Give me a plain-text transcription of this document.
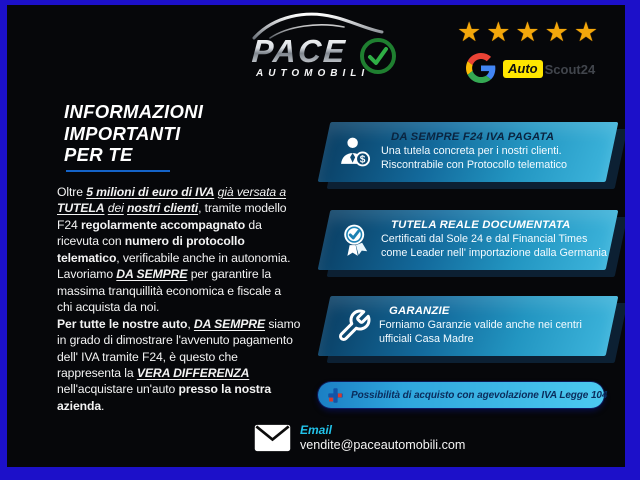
PACE
AUTOMOBILI
★★★★★
Auto Scout24
INFORMAZIONI
IMPORTANTI
PER TE
Oltre 5 milioni di euro di IVA già versata a
TUTELA dei nostri clienti, tramite modello
F24 regolarmente accompagnato da
ricevuta con numero di protocollo
telematico, verificabile anche in autonomia.
Lavoriamo DA SEMPRE per garantire la
massima tranquillità economica e fiscale a
chi acquista da noi.
Per tutte le nostre auto, DA SEMPRE siamo
in grado di dimostrare l'avvenuto pagamento
dell' IVA tramite F24, è questo che
rappresenta la VERA DIFFERENZA
nell'acquistare un'auto presso la nostra
azienda.
$
DA SEMPRE F24 IVA PAGATA
Una tutela concreta per i nostri clienti.
Riscontrabile con Protocollo telematico
TUTELA REALE DOCUMENTATA
Certificati dal Sole 24 e dal Financial Times
come Leader nell' importazione dalla Germania
GARANZIE
Forniamo Garanzie valide anche nei centri
ufficiali Casa Madre
Possibilità di acquisto con agevolazione IVA Legge 104
Email
vendite@paceautomobili.com
